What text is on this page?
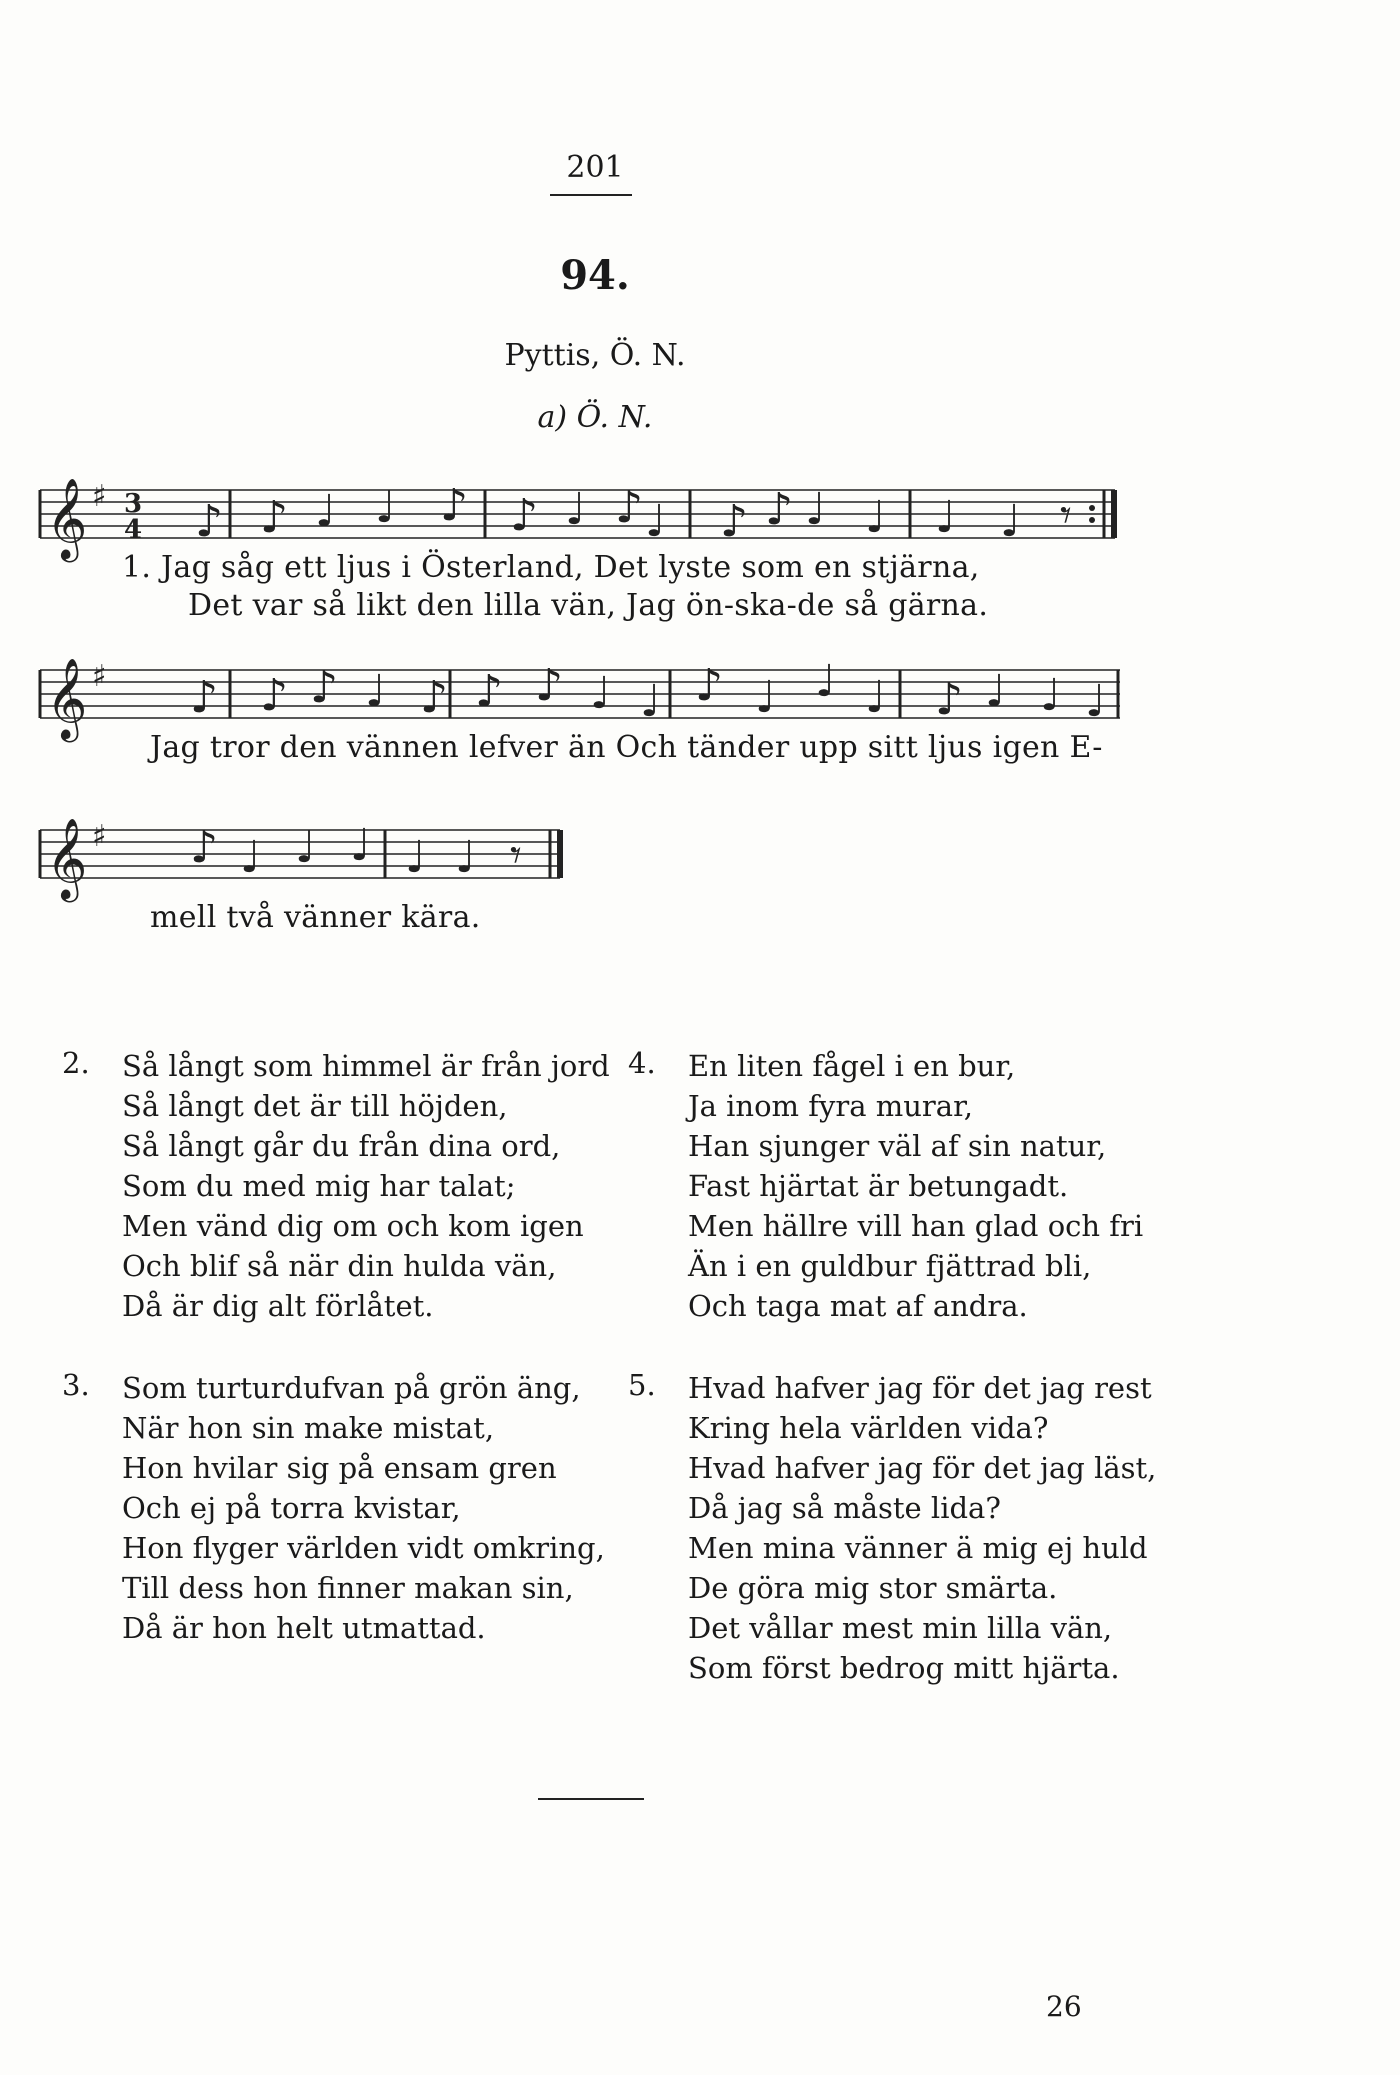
201
94.
Pyttis, Ö. N.
a) Ö. N.
𝄞 ♯ 3
4 ♪ ♪ ♩ ♩ ♪ ♪ ♩ ♪ ♩ ♪ ♪ ♩ ♩ ♩ ♩ 𝄾
1. Jag såg ett ljus i Österland, Det lyste som en stjärna,
Det var så likt den lilla vän, Jag ön-ska-de så gärna.
𝄞 ♯ ♪ ♪ ♪ ♩ ♪ ♪ ♪ ♩ ♩ ♪ ♩ ♩ ♩ ♪ ♩ ♩ ♩
Jag tror den vännen lefver än Och tänder upp sitt ljus igen E-
𝄞 ♯ ♪ ♩ ♩ ♩ ♩ ♩ 𝄾
mell två vänner kära.
2. Så långt som himmel är från jord
Så långt det är till höjden,
Så långt går du från dina ord,
Som du med mig har talat;
Men vänd dig om och kom igen
Och blif så när din hulda vän,
Då är dig alt förlåtet.
3. Som turturdufvan på grön äng,
När hon sin make mistat,
Hon hvilar sig på ensam gren
Och ej på torra kvistar,
Hon flyger världen vidt omkring,
Till dess hon finner makan sin,
Då är hon helt utmattad.
4. En liten fågel i en bur,
Ja inom fyra murar,
Han sjunger väl af sin natur,
Fast hjärtat är betungadt.
Men hällre vill han glad och fri
Än i en guldbur fjättrad bli,
Och taga mat af andra.
5. Hvad hafver jag för det jag rest
Kring hela världen vida?
Hvad hafver jag för det jag läst,
Då jag så måste lida?
Men mina vänner ä mig ej huld
De göra mig stor smärta.
Det vållar mest min lilla vän,
Som först bedrog mitt hjärta.
26
